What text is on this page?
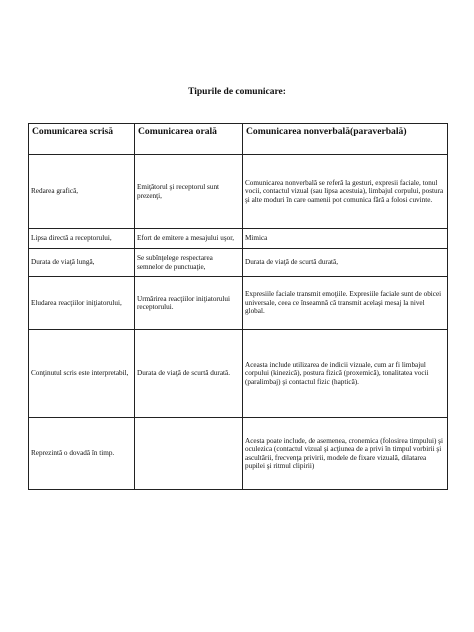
Tipurile de comunicare:
Comunicarea scrisă	Comunicarea orală	Comunicarea nonverbală(paraverbală)
Redarea grafică,	Emiţătorul şi receptorul sunt prezenţi,	Comunicarea nonverbală se referă la gesturi, expresii faciale, tonul vocii, contactul vizual (sau lipsa acestuia), limbajul corpului, postura şi alte moduri în care oamenii pot comunica fără a folosi cuvinte.
Lipsa directă a receptorului,	Efort de emitere a mesajului uşor,	Mimica
Durata de viaţă lungă,	Se subînţelege respectarea semnelor de punctuaţie,	Durata de viaţă de scurtă durată,
Eludarea reacţiilor iniţiatorului,	Urmărirea reacţiilor iniţiatorului receptorului.	Expresiile faciale transmit emoţiile. Expresiile faciale sunt de obicei universale, ceea ce înseamnă că transmit acelaşi mesaj la nivel global.
Conţinutul scris este interpretabil,	Durata de viaţă de scurtă durată.	Aceasta include utilizarea de indicii vizuale, cum ar fi limbajul corpului (kinezică), postura fizică (proxemică), tonalitatea vocii (paralimbaj) şi contactul fizic (haptică).
Reprezintă o dovadă în timp.		Acesta poate include, de asemenea, cronemica (folosirea timpului) şi oculezica (contactul vizual şi acţiunea de a privi în timpul vorbirii şi ascultării, frecvenţa privirii, modele de fixare vizuală, dilatarea pupilei şi ritmul clipirii)
